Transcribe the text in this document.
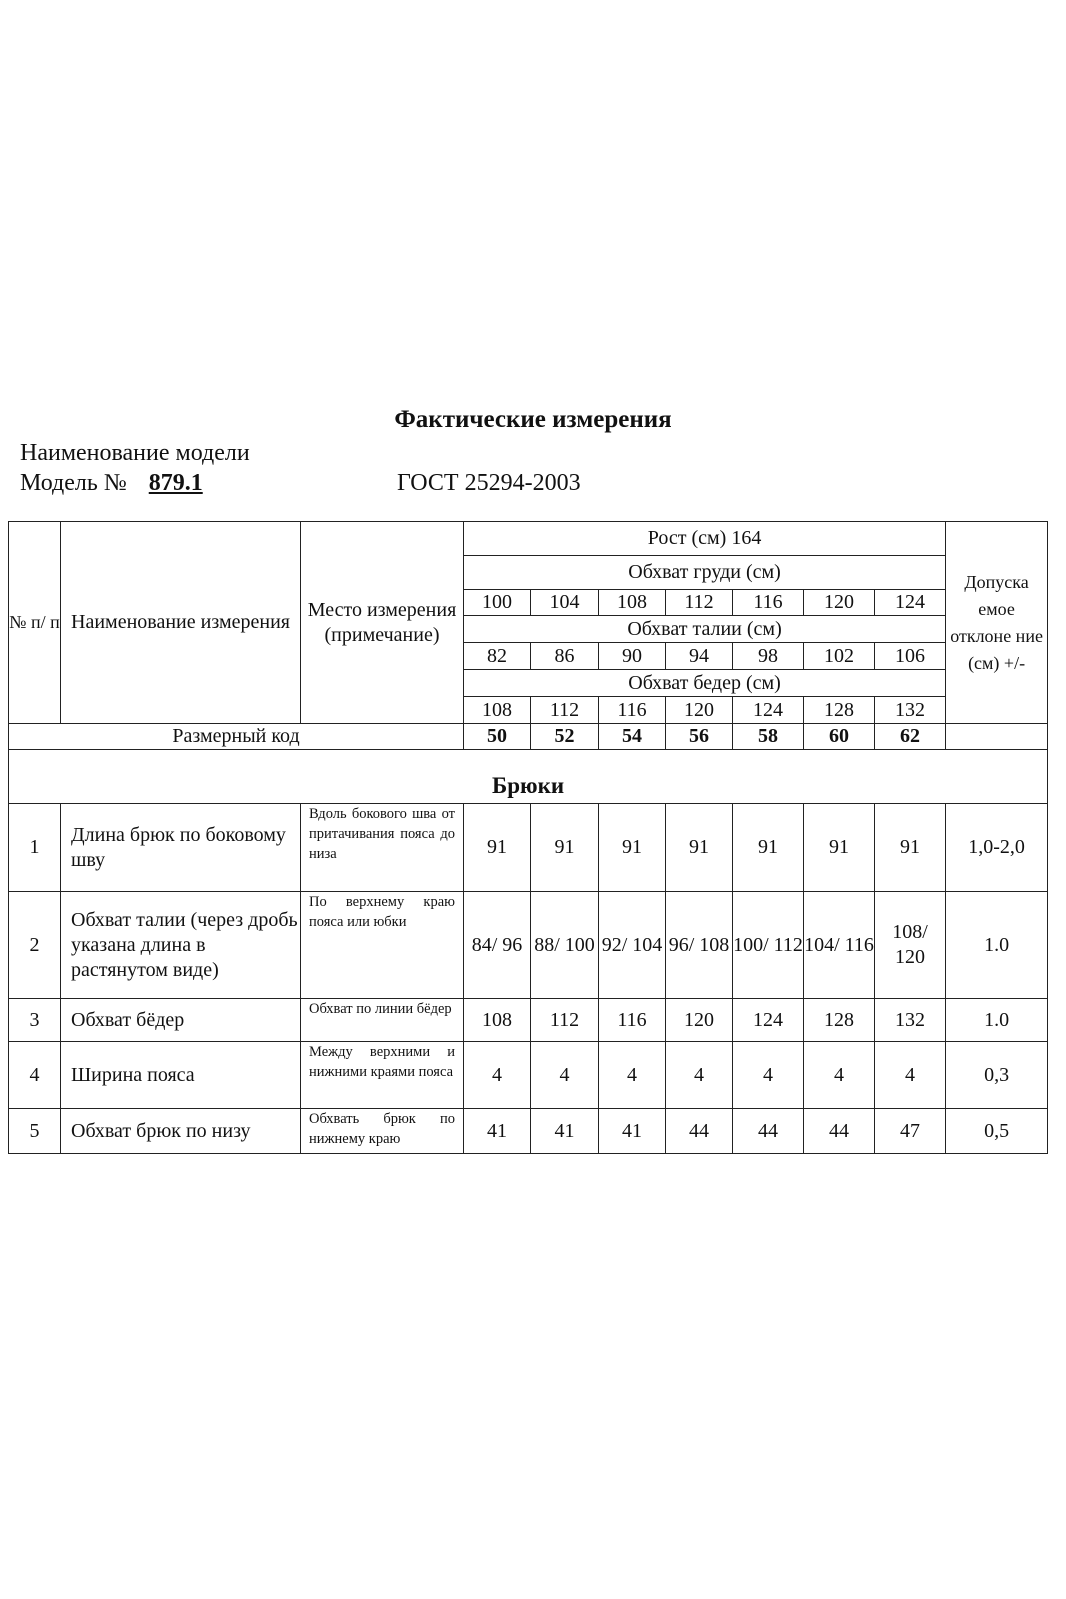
Фактические измерения
Наименование модели
Модель № 879.1	ГОСТ 25294-2003
№ п/ п	Наименование измерения	Место измерения (примечание)	Рост (см) 164							Допуска емое отклоне ние (см) +/-
			Обхват груди (см)							
			100	104	108	112	116	120	124	
			Обхват талии (см)							
			82	86	90	94	98	102	106	
			Обхват бедер (см)							
			108	112	116	120	124	128	132	
Размерный код			50	52	54	56	58	60	62	
Брюки										
1	Длина брюк по боковому шву	Вдоль бокового шва от притачивания пояса до низа	91	91	91	91	91	91	91	1,0-2,0
2	Обхват талии (через дробь указана длина в растянутом виде)	По верхнему краю пояса или юбки	84/ 96	88/ 100	92/ 104	96/ 108	100/ 112	104/ 116	108/ 120	1.0
3	Обхват бёдер	Обхват по линии бёдер	108	112	116	120	124	128	132	1.0
4	Ширина пояса	Между верхними и нижними краями пояса	4	4	4	4	4	4	4	0,3
5	Обхват брюк по низу	Обхвать брюк по нижнему краю	41	41	41	44	44	44	47	0,5
